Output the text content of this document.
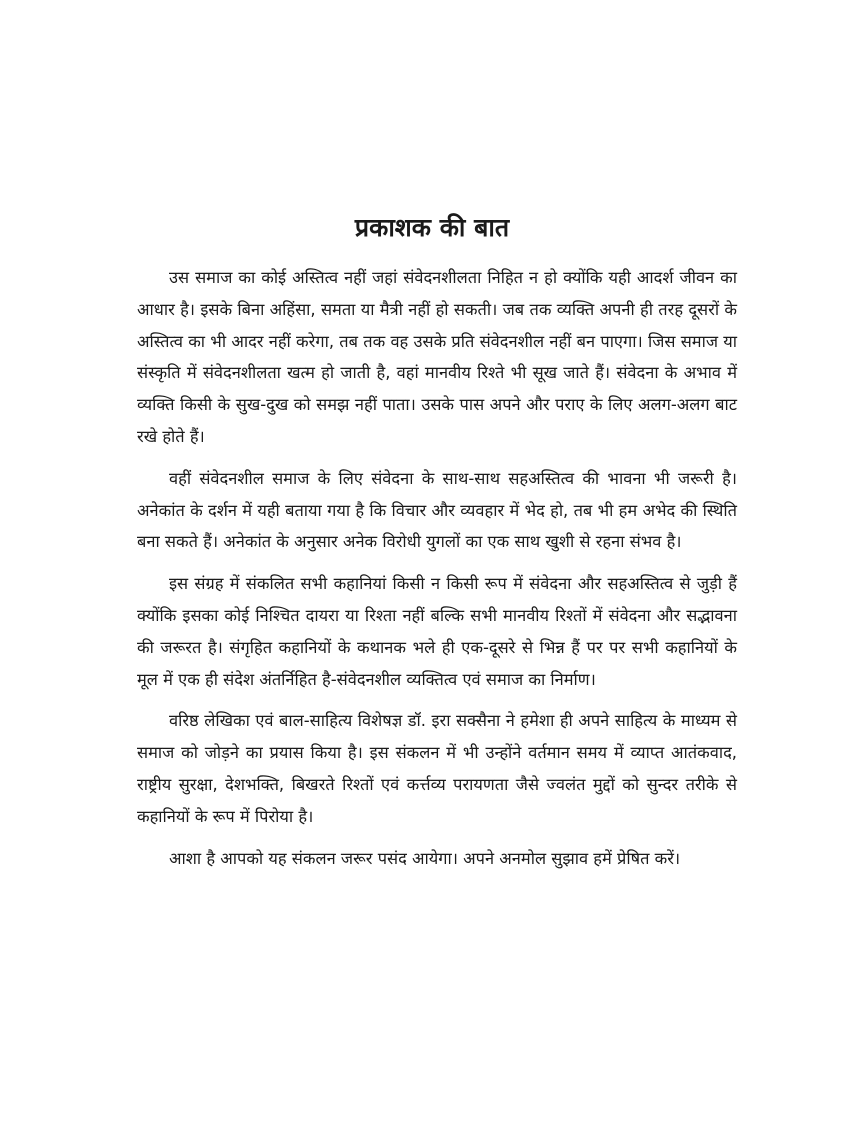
प्रकाशक की बात

उस समाज का कोई अस्तित्व नहीं जहां संवेदनशीलता निहित न हो क्योंकि यही आदर्श जीवन का आधार है। इसके बिना अहिंसा, समता या मैत्री नहीं हो सकती। जब तक व्यक्ति अपनी ही तरह दूसरों के अस्तित्व का भी आदर नहीं करेगा, तब तक वह उसके प्रति संवेदनशील नहीं बन पाएगा। जिस समाज या संस्कृति में संवेदनशीलता खत्म हो जाती है, वहां मानवीय रिश्ते भी सूख जाते हैं। संवेदना के अभाव में व्यक्ति किसी के सुख-दुख को समझ नहीं पाता। उसके पास अपने और पराए के लिए अलग-अलग बाट रखे होते हैं।

वहीं संवेदनशील समाज के लिए संवेदना के साथ-साथ सहअस्तित्व की भावना भी जरूरी है। अनेकांत के दर्शन में यही बताया गया है कि विचार और व्यवहार में भेद हो, तब भी हम अभेद की स्थिति बना सकते हैं। अनेकांत के अनुसार अनेक विरोधी युगलों का एक साथ खुशी से रहना संभव है।

इस संग्रह में संकलित सभी कहानियां किसी न किसी रूप में संवेदना और सहअस्तित्व से जुड़ी हैं क्योंकि इसका कोई निश्चित दायरा या रिश्ता नहीं बल्कि सभी मानवीय रिश्तों में संवेदना और सद्भावना की जरूरत है। संगृहित कहानियों के कथानक भले ही एक-दूसरे से भिन्न हैं पर पर सभी कहानियों के मूल में एक ही संदेश अंतर्निहित है-संवेदनशील व्यक्तित्व एवं समाज का निर्माण।

वरिष्ठ लेखिका एवं बाल-साहित्य विशेषज्ञ डॉ. इरा सक्सैना ने हमेशा ही अपने साहित्य के माध्यम से समाज को जोड़ने का प्रयास किया है। इस संकलन में भी उन्होंने वर्तमान समय में व्याप्त आतंकवाद, राष्ट्रीय सुरक्षा, देशभक्ति, बिखरते रिश्तों एवं कर्त्तव्य परायणता जैसे ज्वलंत मुद्दों को सुन्दर तरीके से कहानियों के रूप में पिरोया है।

आशा है आपको यह संकलन जरूर पसंद आयेगा। अपने अनमोल सुझाव हमें प्रेषित करें।
